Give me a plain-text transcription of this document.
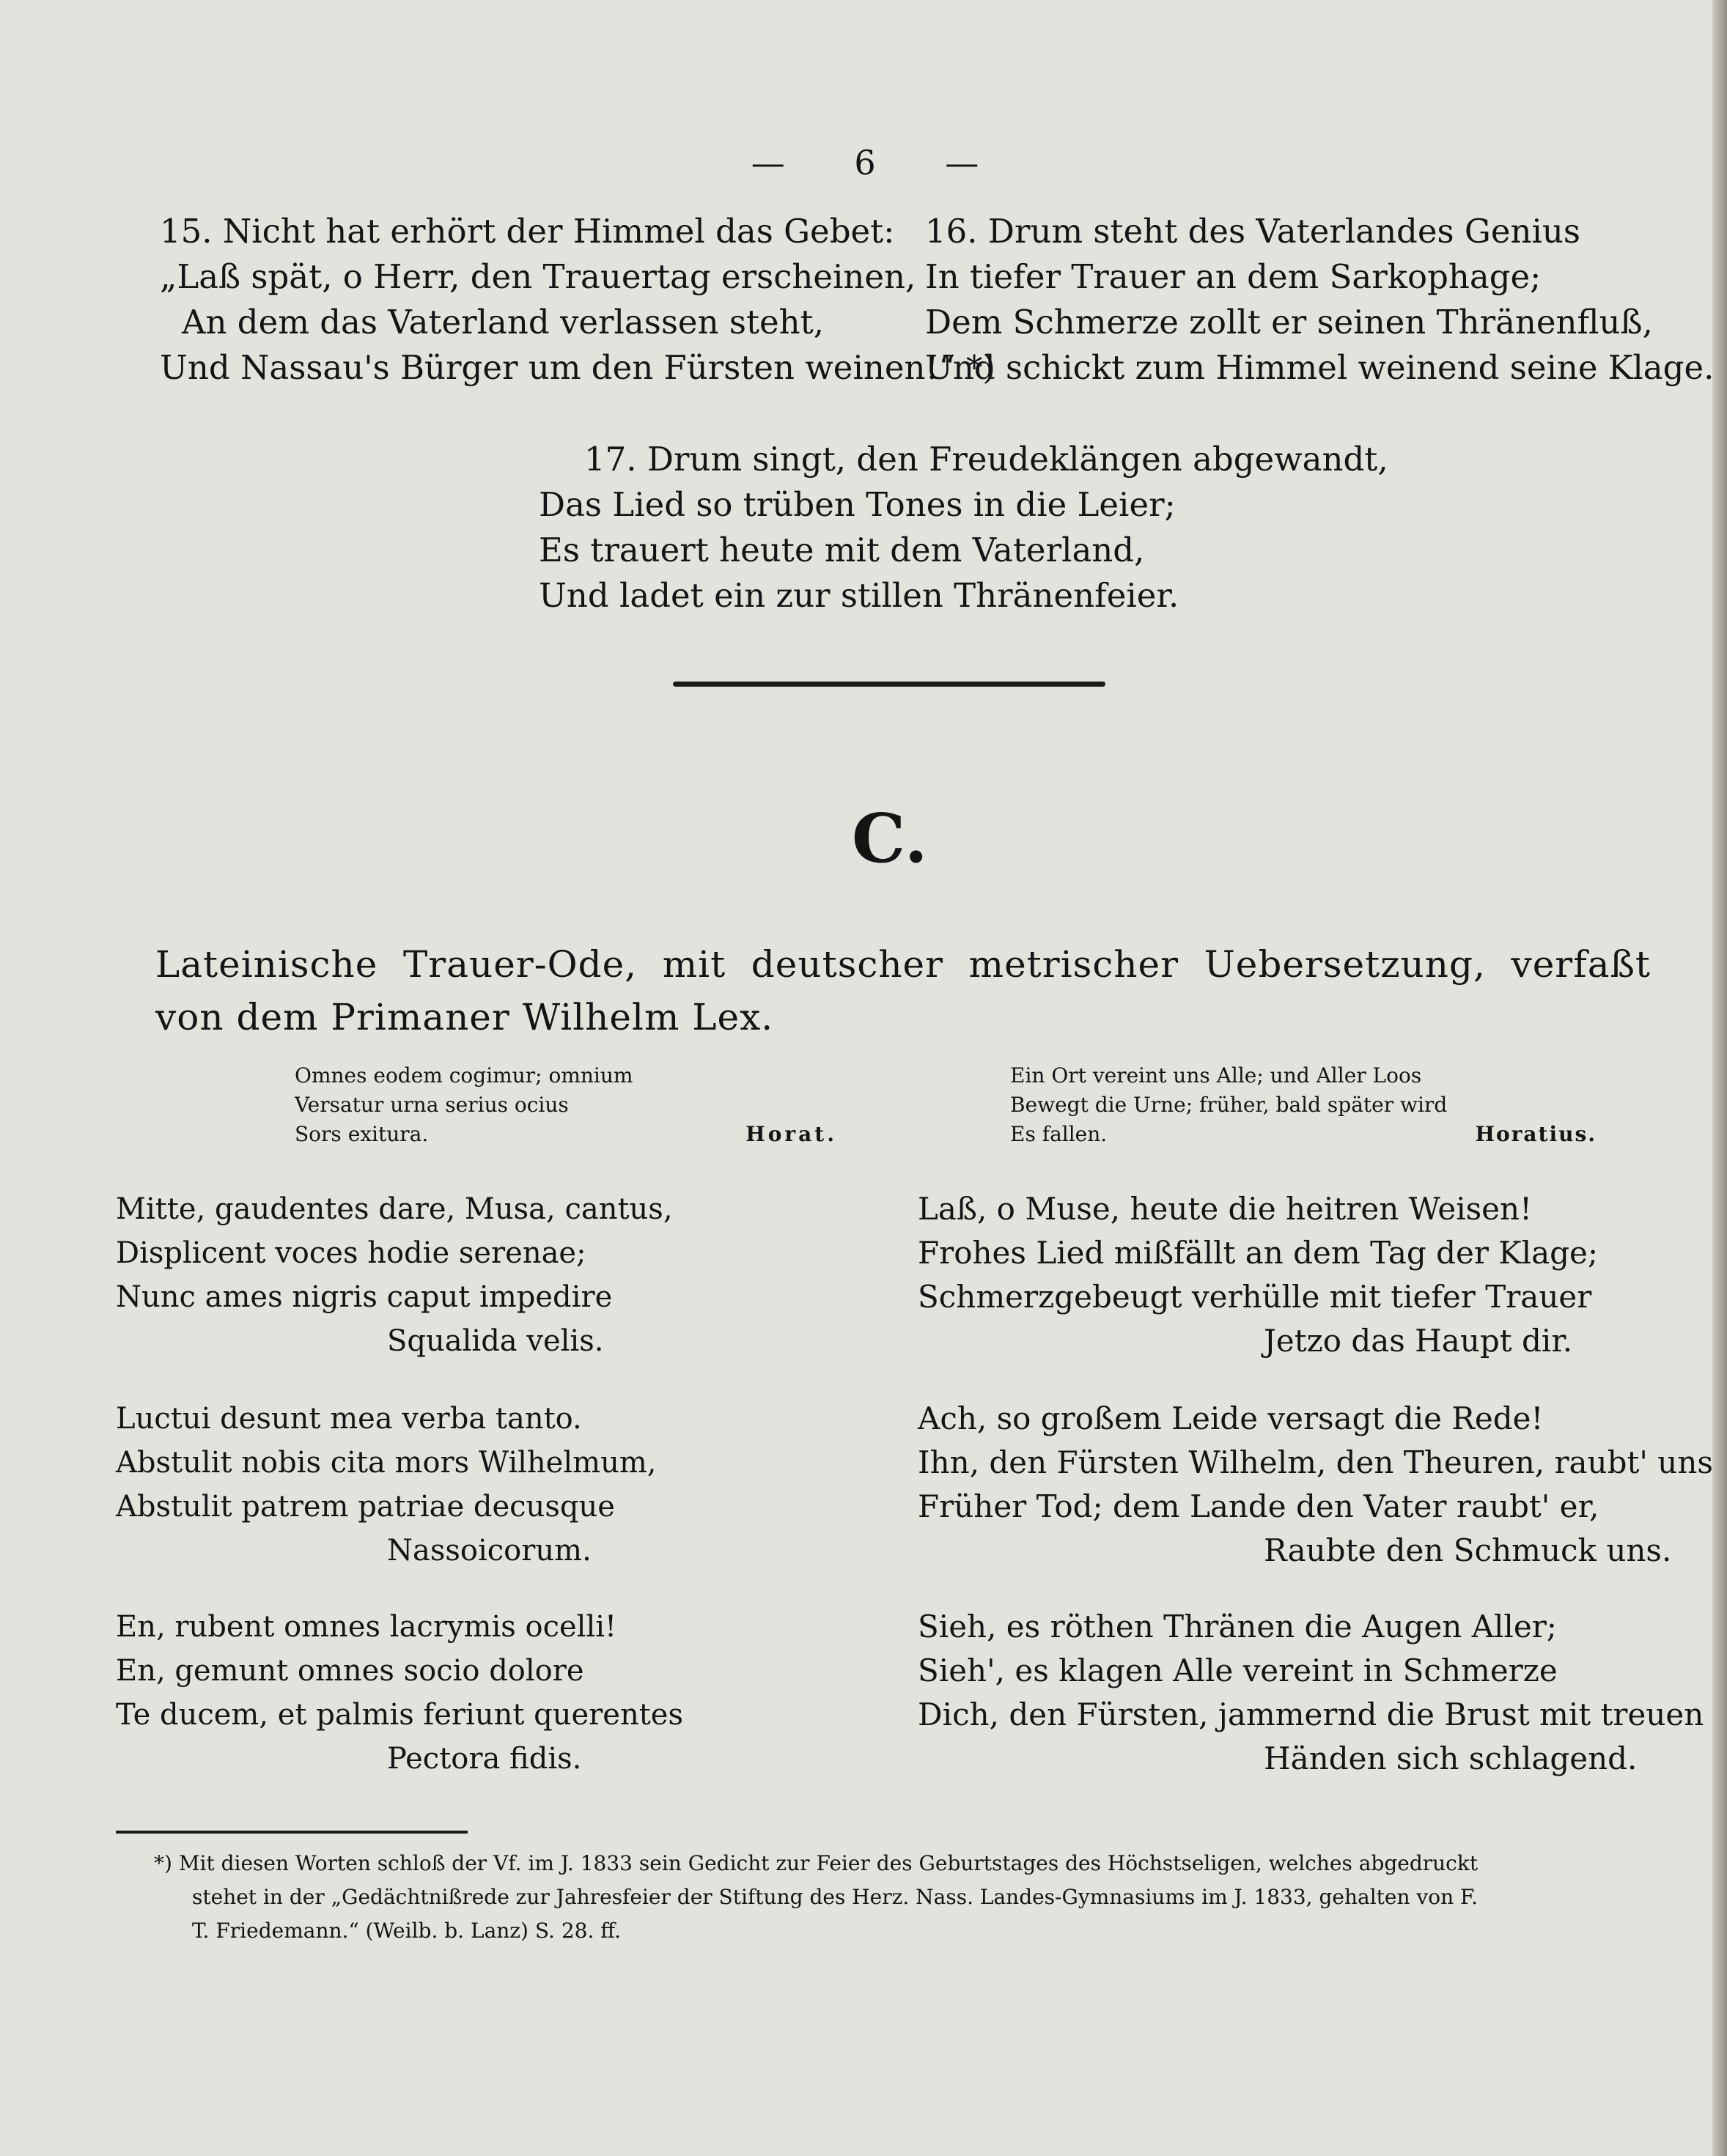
— 6 —
15. Nicht hat erhört der Himmel das Gebet:
„Laß spät, o Herr, den Trauertag erscheinen,
An dem das Vaterland verlassen steht,
Und Nassau's Bürger um den Fürsten weinen!“ *)
16. Drum steht des Vaterlandes Genius
In tiefer Trauer an dem Sarkophage;
Dem Schmerze zollt er seinen Thränenfluß,
Und schickt zum Himmel weinend seine Klage.
17. Drum singt, den Freudeklängen abgewandt,
Das Lied so trüben Tones in die Leier;
Es trauert heute mit dem Vaterland,
Und ladet ein zur stillen Thränenfeier.
C.
Lateinische Trauer-Ode, mit deutscher metrischer Uebersetzung, verfaßt von dem Primaner Wilhelm Lex.
Omnes eodem cogimur; omnium
Versatur urna serius ocius
Sors exitura.	Horat.
Ein Ort vereint uns Alle; und Aller Loos
Bewegt die Urne; früher, bald später wird
Es fallen.	Horatius.
Mitte, gaudentes dare, Musa, cantus,
Displicent voces hodie serenae;
Nunc ames nigris caput impedire
Squalida velis.
Luctui desunt mea verba tanto.
Abstulit nobis cita mors Wilhelmum,
Abstulit patrem patriae decusque
Nassoicorum.
En, rubent omnes lacrymis ocelli!
En, gemunt omnes socio dolore
Te ducem, et palmis feriunt querentes
Pectora fidis.
Laß, o Muse, heute die heitren Weisen!
Frohes Lied mißfällt an dem Tag der Klage;
Schmerzgebeugt verhülle mit tiefer Trauer
Jetzo das Haupt dir.
Ach, so großem Leide versagt die Rede!
Ihn, den Fürsten Wilhelm, den Theuren, raubt' uns
Früher Tod; dem Lande den Vater raubt' er,
Raubte den Schmuck uns.
Sieh, es röthen Thränen die Augen Aller;
Sieh', es klagen Alle vereint in Schmerze
Dich, den Fürsten, jammernd die Brust mit treuen
Händen sich schlagend.
*) Mit diesen Worten schloß der Vf. im J. 1833 sein Gedicht zur Feier des Geburtstages des Höchstseligen, welches abgedruckt
stehet in der „Gedächtnißrede zur Jahresfeier der Stiftung des Herz. Nass. Landes-Gymnasiums im J. 1833, gehalten von F.
T. Friedemann.“ (Weilb. b. Lanz) S. 28. ff.
